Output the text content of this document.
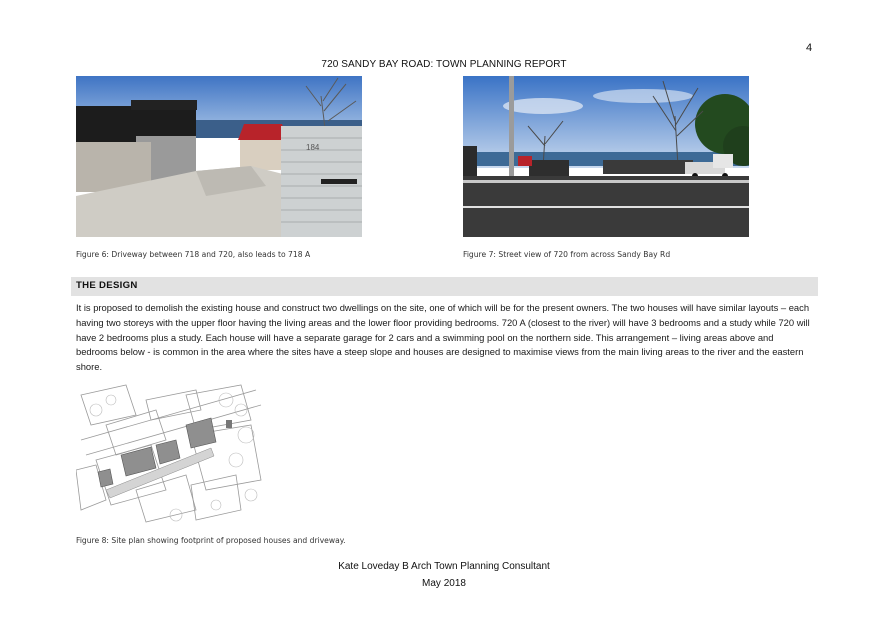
4
720 SANDY BAY ROAD: TOWN PLANNING REPORT
184
Figure 6: Driveway between 718 and 720, also leads to 718 A	Figure 7: Street view of 720 from across Sandy Bay Rd
THE DESIGN
It is proposed to demolish the existing house and construct two dwellings on the site, one of which will be for the present owners. The two houses will have similar layouts – each having two storeys with the upper floor having the living areas and the lower floor providing bedrooms. 720 A (closest to the river) will have 3 bedrooms and a study while 720 will have 2 bedrooms plus a study. Each house will have a separate garage for 2 cars and a swimming pool on the northern side. This arrangement – living areas above and bedrooms below - is common in the area where the sites have a steep slope and houses are designed to maximise views from the main living areas to the river and the eastern shore.
Figure 8: Site plan showing footprint of proposed houses and driveway.
Kate Loveday B Arch Town Planning Consultant
May 2018
